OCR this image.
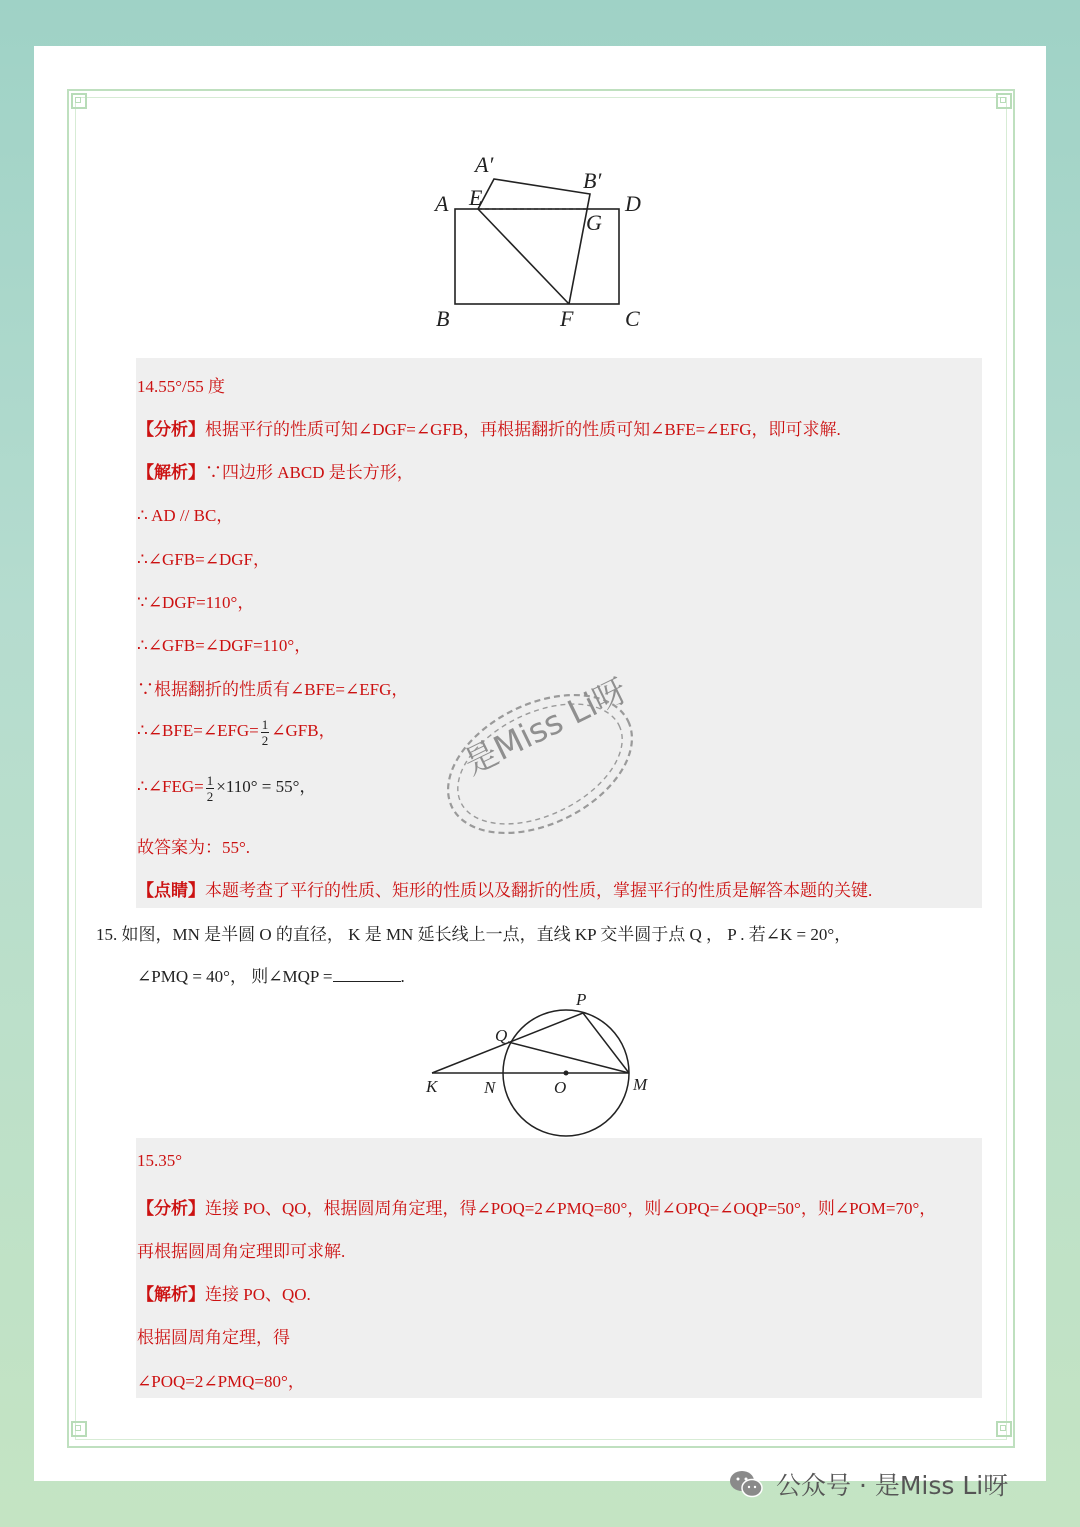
A′
B′
A E
G
D
B	F C
14.55°/55 度
【分析】根据平行的性质可知∠DGF=∠GFB，再根据翻折的性质可知∠BFE=∠EFG，即可求解.
【解析】∵四边形 ABCD 是长方形，
∴ AD // BC，
∴∠GFB=∠DGF，
∵∠DGF=110°，
∴∠GFB=∠DGF=110°，
∵根据翻折的性质有∠BFE=∠EFG，
∴∠BFE=∠EFG= $\frac{1}{2}$ ∠GFB，
∴∠FEG= $\frac{1}{2} \times 110^\circ = 55^\circ$，
故答案为：55°.
【点睛】本题考查了平行的性质、矩形的性质以及翻折的性质，掌握平行的性质是解答本题的关键.
是Miss Li呀
15. 如图，MN 是半圆 O 的直径， K 是 MN 延长线上一点，直线 KP 交半圆于点 Q ， P . 若∠K = 20°，
∠PMQ = 40°， 则∠MQP =	.
P
Q
K	N	O	M
15.35°
【分析】连接 PO、QO，根据圆周角定理，得∠POQ=2∠PMQ=80°，则∠OPQ=∠OQP=50°，则∠POM=70°，
再根据圆周角定理即可求解.
【解析】连接 PO、QO.
根据圆周角定理，得
∠POQ=2∠PMQ=80°，
公众号 · 是Miss Li呀
